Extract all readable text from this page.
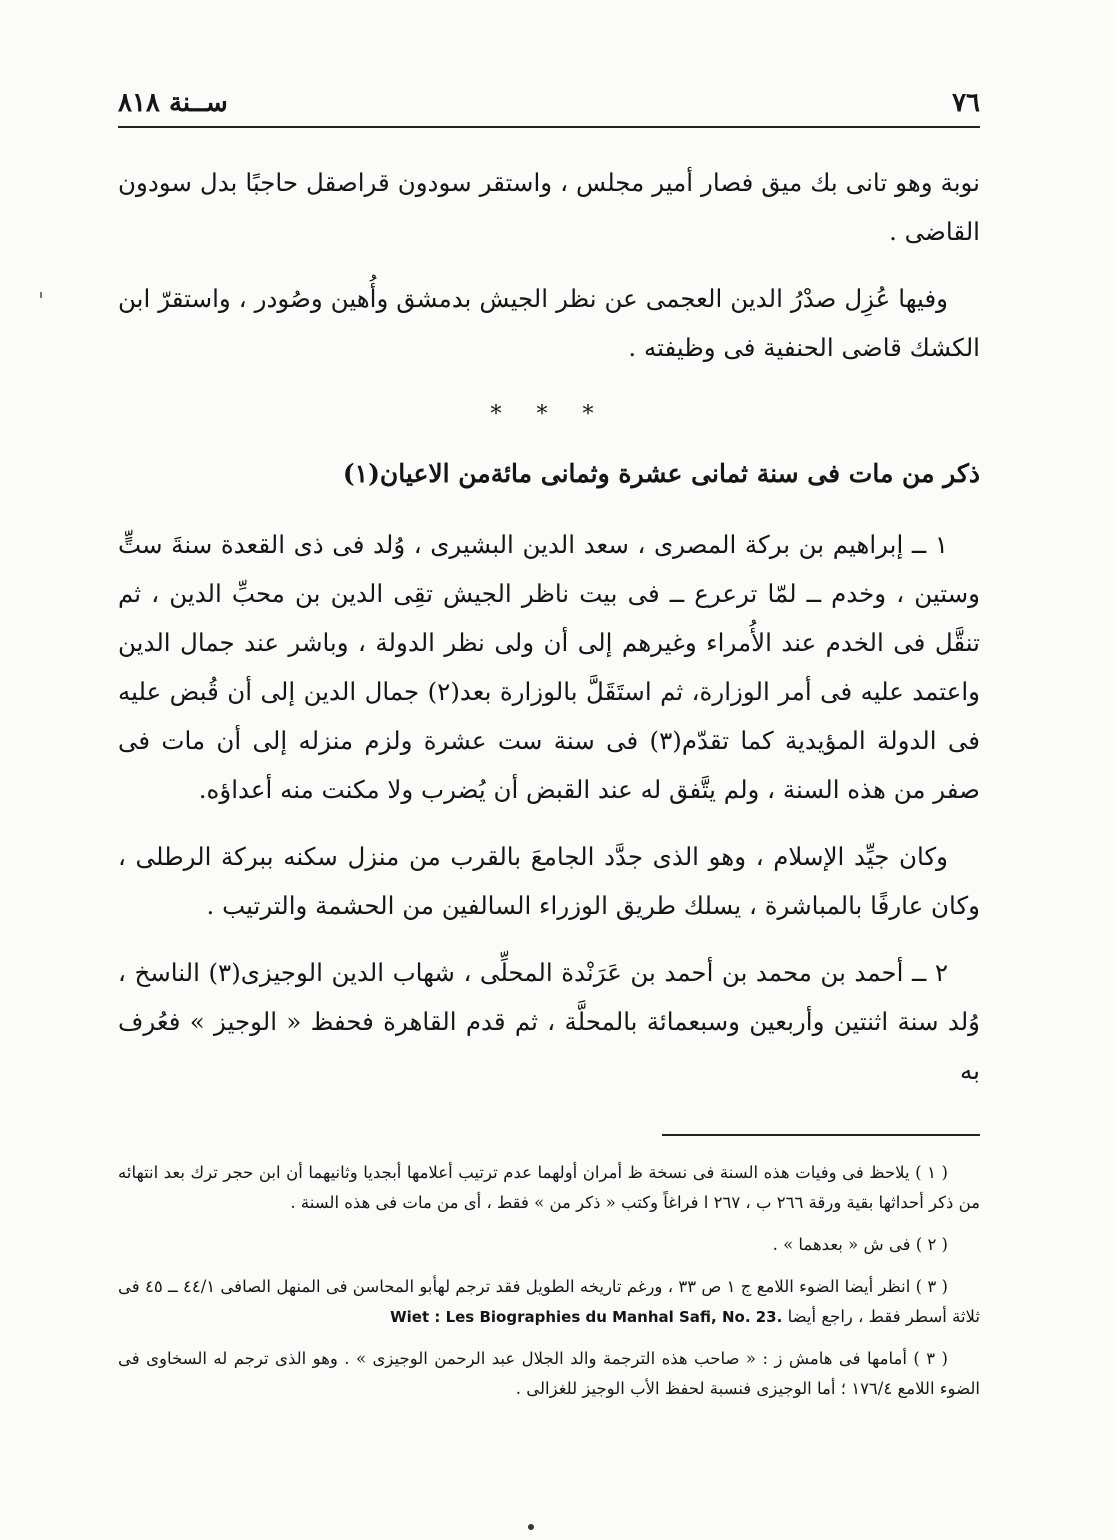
٧٦
ســنة ٨١٨

نوبة وهو تانى بك ميق فصار أمير مجلس ، واستقر سودون قراصقل حاجبًا بدل سودون القاضى .

وفيها عُزِل صدْرُ الدين العجمى عن نظر الجيش بدمشق وأُهين وصُودر ، واستقرّ ابن الكشك قاضى الحنفية فى وظيفته .

* * *

ذكر من مات فى سنة ثمانى عشرة وثمانى مائةمن الاعيان(١)

١ ــ إبراهيم بن بركة المصرى ، سعد الدين البشيرى ، وُلد فى ذى القعدة سنةَ ستٍّ وستين ، وخدم ــ لمّا ترعرع ــ فى بيت ناظر الجيش تقِى الدين بن محبِّ الدين ، ثم تنقَّل فى الخدم عند الأُمراء وغيرهم إلى أن ولى نظر الدولة ، وباشر عند جمال الدين واعتمد عليه فى أمر الوزارة، ثم استَقَلَّ بالوزارة بعد(٢) جمال الدين إلى أن قُبض عليه فى الدولة المؤيدية كما تقدّم(٣) فى سنة ست عشرة ولزم منزله إلى أن مات فى صفر من هذه السنة ، ولم يتَّفق له عند القبض أن يُضرب ولا مكنت منه أعداؤه.

وكان جيِّد الإسلام ، وهو الذى جدَّد الجامعَ بالقرب من منزل سكنه ببركة الرطلى ، وكان عارفًا بالمباشرة ، يسلك طريق الوزراء السالفين من الحشمة والترتيب .

٢ ــ أحمد بن محمد بن أحمد بن عَرَنْدة المحلِّى ، شهاب الدين الوجيزى(٣) الناسخ ، وُلد سنة اثنتين وأربعين وسبعمائة بالمحلَّة ، ثم قدم القاهرة فحفظ « الوجيز » فعُرف به

( ١ ) يلاحظ فى وفيات هذه السنة فى نسخة ظ أمران أولهما عدم ترتيب أعلامها أبجديا وثانيهما أن ابن حجر ترك بعد انتهائه من ذكر أحداثها بقية ورقة ٢٦٦ ب ، ٢٦٧ ا فراغاً وكتب « ذكر من » فقط ، أى من مات فى هذه السنة .

( ٢ ) فى ش « بعدهما » .

( ٣ ) انظر أيضا الضوء اللامع ج ١ ص ٣٣ ، ورغم تاريخه الطويل فقد ترجم لهأبو المحاسن فى المنهل الصافى ٤٤/١ ــ ٤٥ فى ثلاثة أسطر فقط ، راجع أيضا Wiet : Les Biographies du Manhal Safi, No. 23.

( ٣ ) أمامها فى هامش ز : « صاحب هذه الترجمة والد الجلال عبد الرحمن الوجيزى » . وهو الذى ترجم له السخاوى فى الضوء اللامع ١٧٦/٤ ؛ أما الوجيزى فنسبة لحفظ الأب الوجيز للغزالى .
